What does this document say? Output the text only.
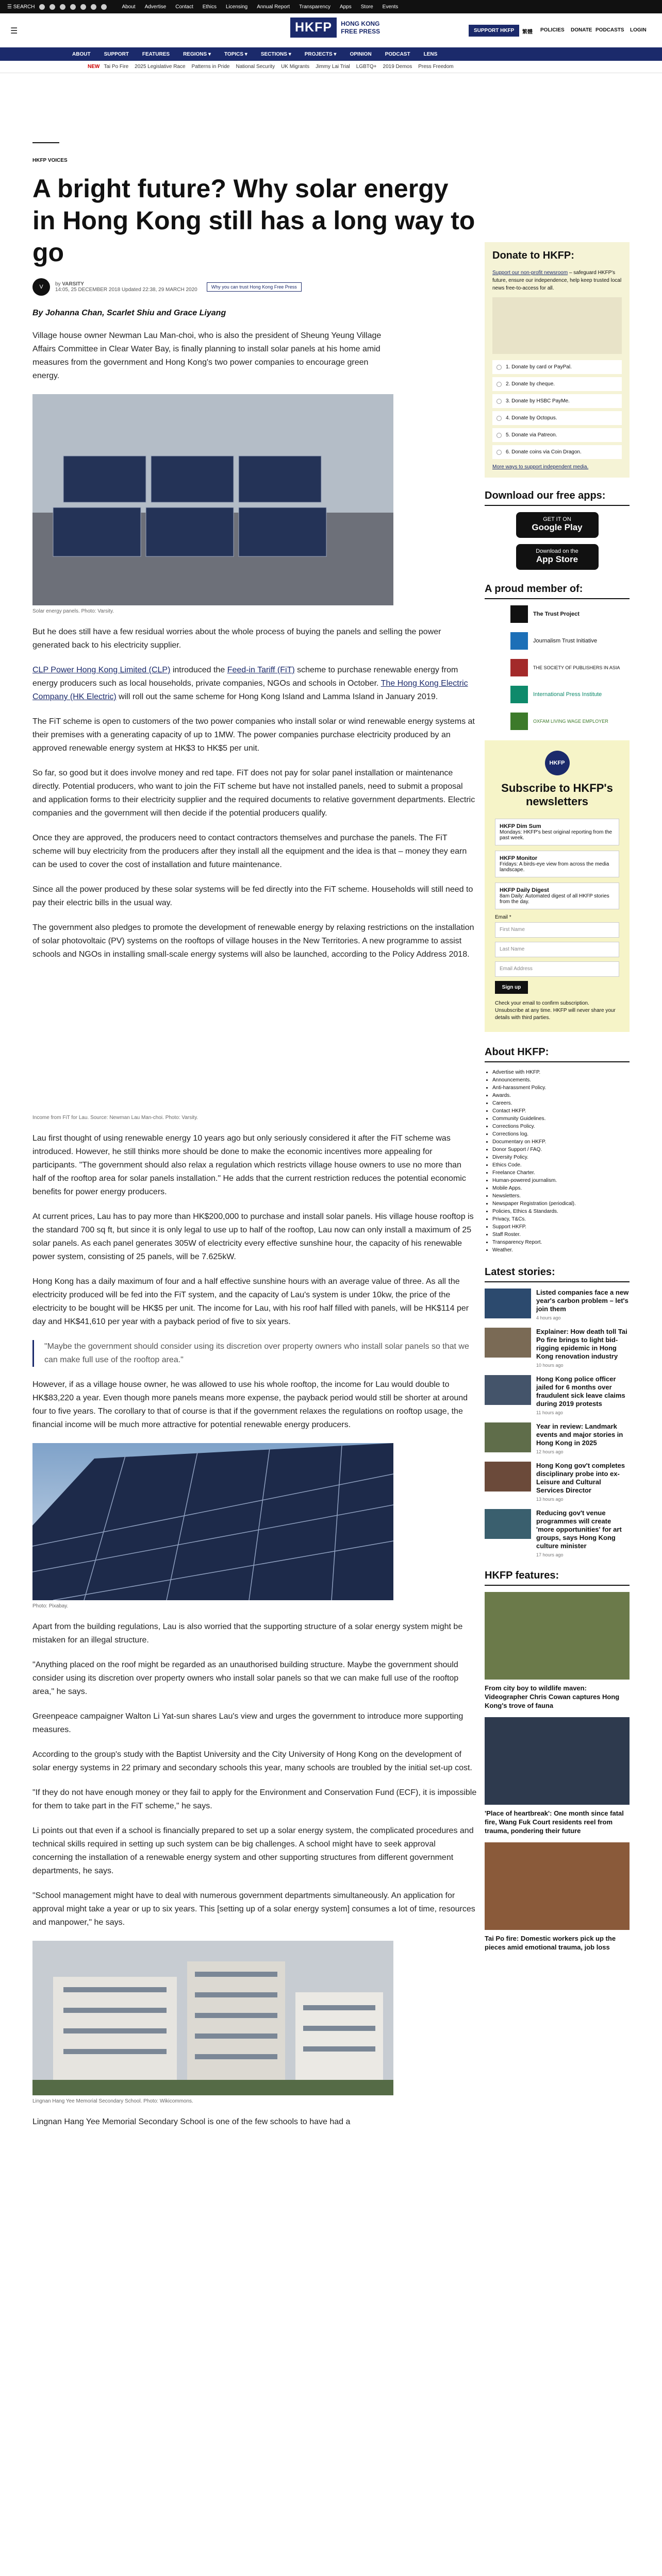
☰ SEARCH	About Advertise Contact Ethics Licensing Annual Report Transparency Apps Store Events
☰	HKFP	HONG KONG
FREE PRESS	SUPPORT HKFP	繁體 POLICIES DONATE PODCASTS LOGIN
ABOUT	SUPPORT	FEATURES	REGIONS ▾	TOPICS ▾	SECTIONS ▾	PROJECTS ▾	OPINION	PODCAST	LENS
NEW Tai Po Fire 2025 Legislative Race Patterns in Pride National Security UK Migrants Jimmy Lai Trial LGBTQ+ 2019 Demos Press Freedom
HKFP VOICES
A bright future? Why solar energy in Hong Kong still has a long way to go
V	by VARSITY
14:05, 25 DECEMBER 2018 Updated 22:38, 29 MARCH 2020	Why you can trust Hong Kong Free Press
By Johanna Chan, Scarlet Shiu and Grace Liyang

Village house owner Newman Lau Man-choi, who is also the president of Sheung Yeung Village Affairs Committee in Clear Water Bay, is finally planning to install solar panels at his home amid measures from the government and Hong Kong's two power companies to encourage green energy.

Solar energy panels. Photo: Varsity.

But he does still have a few residual worries about the whole process of buying the panels and selling the power generated back to his electricity supplier.

CLP Power Hong Kong Limited (CLP) introduced the Feed-in Tariff (FiT) scheme to purchase renewable energy from energy producers such as local households, private companies, NGOs and schools in October. The Hong Kong Electric Company (HK Electric) will roll out the same scheme for Hong Kong Island and Lamma Island in January 2019.

The FiT scheme is open to customers of the two power companies who install solar or wind renewable energy systems at their premises with a generating capacity of up to 1MW. The power companies purchase electricity produced by an approved renewable energy system at HK$3 to HK$5 per unit.

So far, so good but it does involve money and red tape. FiT does not pay for solar panel installation or maintenance directly. Potential producers, who want to join the FiT scheme but have not installed panels, need to submit a proposal and application forms to their electricity supplier and the required documents to relative government departments. Electric companies and the government will then decide if the potential producers qualify.

Once they are approved, the producers need to contact contractors themselves and purchase the panels. The FiT scheme will buy electricity from the producers after they install all the equipment and the idea is that – money they earn can be used to cover the cost of installation and future maintenance.

Since all the power produced by these solar systems will be fed directly into the FiT scheme. Households will still need to pay their electric bills in the usual way.

The government also pledges to promote the development of renewable energy by relaxing restrictions on the installation of solar photovoltaic (PV) systems on the rooftops of village houses in the New Territories. A new programme to assist schools and NGOs in installing small-scale energy systems will also be launched, according to the Policy Address 2018.

Income from FiT for Lau. Source: Newman Lau Man-choi. Photo: Varsity.

Lau first thought of using renewable energy 10 years ago but only seriously considered it after the FiT scheme was introduced. However, he still thinks more should be done to make the economic incentives more appealing for participants. "The government should also relax a regulation which restricts village house owners to use no more than half of the rooftop area for solar panels installation." He adds that the current restriction reduces the potential economic benefits for power energy producers.

At current prices, Lau has to pay more than HK$200,000 to purchase and install solar panels. His village house rooftop is the standard 700 sq ft, but since it is only legal to use up to half of the rooftop, Lau now can only install a maximum of 25 solar panels. As each panel generates 305W of electricity every effective sunshine hour, the capacity of his renewable power system, consisting of 25 panels, will be 7.625kW.

Hong Kong has a daily maximum of four and a half effective sunshine hours with an average value of three. As all the electricity produced will be fed into the FiT system, and the capacity of Lau's system is under 10kw, the price of the electricity to be bought will be HK$5 per unit. The income for Lau, with his roof half filled with panels, will be HK$114 per day and HK$41,610 per year with a payback period of five to six years.

"Maybe the government should consider using its discretion over property owners who install solar panels so that we can make full use of the rooftop area."

However, if as a village house owner, he was allowed to use his whole rooftop, the income for Lau would double to HK$83,220 a year. Even though more panels means more expense, the payback period would still be shorter at around four to five years. The corollary to that of course is that if the government relaxes the regulations on rooftop usage, the financial income will be much more attractive for potential renewable energy producers.

Photo: Pixabay.

Apart from the building regulations, Lau is also worried that the supporting structure of a solar energy system might be mistaken for an illegal structure.

"Anything placed on the roof might be regarded as an unauthorised building structure. Maybe the government should consider using its discretion over property owners who install solar panels so that we can make full use of the rooftop area," he says.

Greenpeace campaigner Walton Li Yat-sun shares Lau's view and urges the government to introduce more supporting measures.

According to the group's study with the Baptist University and the City University of Hong Kong on the development of solar energy systems in 22 primary and secondary schools this year, many schools are troubled by the initial set-up cost.

"If they do not have enough money or they fail to apply for the Environment and Conservation Fund (ECF), it is impossible for them to take part in the FiT scheme," he says.

Li points out that even if a school is financially prepared to set up a solar energy system, the complicated procedures and technical skills required in setting up such system can be big challenges. A school might have to seek approval concerning the installation of a renewable energy system and other supporting structures from different government departments, he says.

"School management might have to deal with numerous government departments simultaneously. An application for approval might take a year or up to six years. This [setting up of a solar energy system] consumes a lot of time, resources and manpower," he says.

Lingnan Hang Yee Memorial Secondary School. Photo: Wikicommons.

Lingnan Hang Yee Memorial Secondary School is one of the few schools to have had a

Donate to HKFP:
Support our non-profit newsroom – safeguard HKFP's future, ensure our independence, help keep trusted local news free-to-access for all.
1. Donate by card or PayPal.
2. Donate by cheque.
3. Donate by HSBC PayMe.
4. Donate by Octopus.
5. Donate via Patreon.
6. Donate coins via Coin Dragon.
More ways to support independent media.
Download our free apps:
GET IT ON
Google Play
Download on the
App Store
A proud member of:
The Trust Project
Journalism Trust Initiative
THE SOCIETY OF PUBLISHERS IN ASIA
International Press Institute
OXFAM LIVING WAGE EMPLOYER
HKFP
Subscribe to HKFP's newsletters
HKFP Dim Sum
Mondays: HKFP's best original reporting from the past week.
HKFP Monitor
Fridays: A birds-eye view from across the media landscape.
HKFP Daily Digest
8am Daily: Automated digest of all HKFP stories from the day.
Email *
First Name
Last Name
Email Address
Sign up
Check your email to confirm subscription. Unsubscribe at any time. HKFP will never share your details with third parties.
About HKFP:
• Advertise with HKFP.
• Announcements.
• Anti-harassment Policy.
• Awards.
• Careers.
• Contact HKFP.
• Community Guidelines.
• Corrections Policy.
• Corrections log.
• Documentary on HKFP.
• Donor Support / FAQ.
• Diversity Policy.
• Ethics Code.
• Freelance Charter.
• Human-powered journalism.
• Mobile Apps.
• Newsletters.
• Newspaper Registration (periodical).
• Policies, Ethics & Standards.
• Privacy, T&Cs.
• Support HKFP.
• Staff Roster.
• Transparency Report.
• Weather.
Latest stories:
Listed companies face a new year's carbon problem – let's join them
4 hours ago
Explainer: How death toll Tai Po fire brings to light bid-rigging epidemic in Hong Kong renovation industry
10 hours ago
Hong Kong police officer jailed for 6 months over fraudulent sick leave claims during 2019 protests
11 hours ago
Year in review: Landmark events and major stories in Hong Kong in 2025
12 hours ago
Hong Kong gov't completes disciplinary probe into ex-Leisure and Cultural Services Director
13 hours ago
Reducing gov't venue programmes will create 'more opportunities' for art groups, says Hong Kong culture minister
17 hours ago
HKFP features:
From city boy to wildlife maven: Videographer Chris Cowan captures Hong Kong's trove of fauna
'Place of heartbreak': One month since fatal fire, Wang Fuk Court residents reel from trauma, pondering their future
Tai Po fire: Domestic workers pick up the pieces amid emotional trauma, job loss
